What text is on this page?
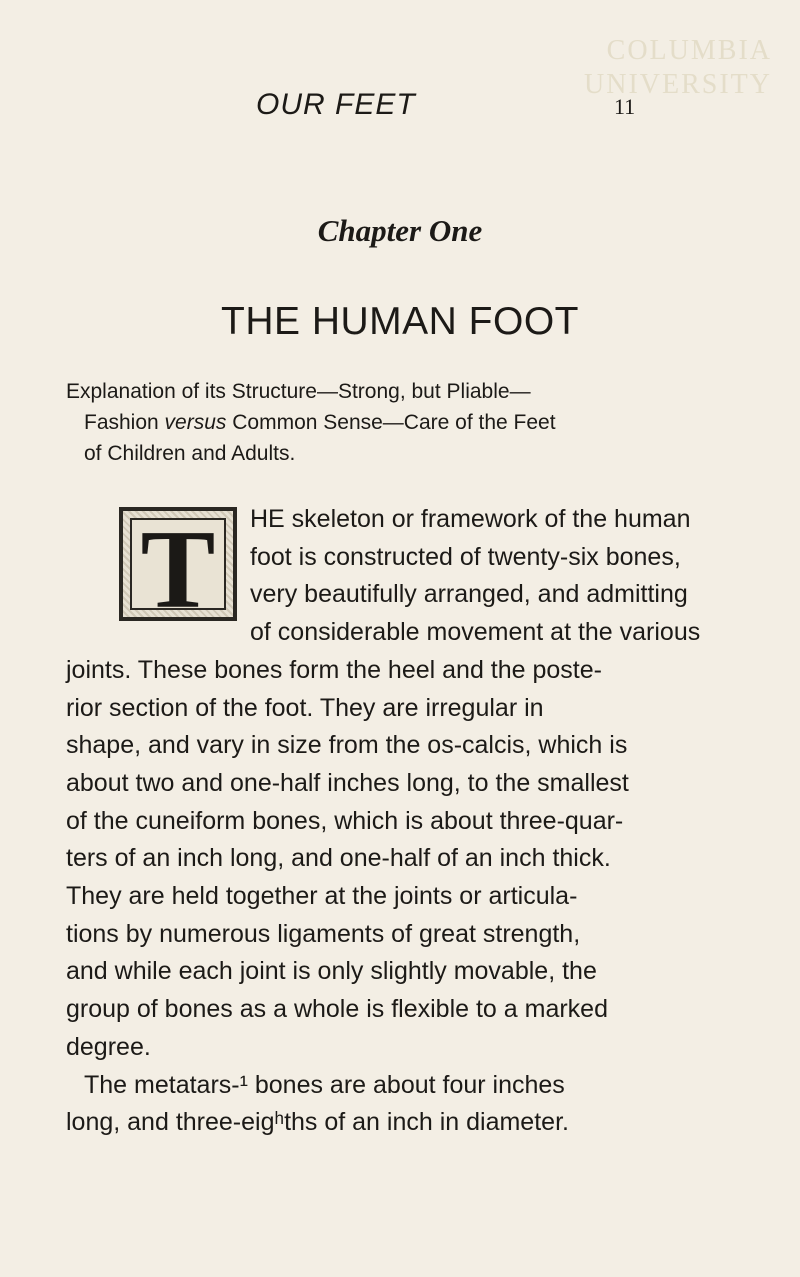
COLUMBIA
UNIVERSITY
OUR FEET	11
Chapter One
THE HUMAN FOOT
Explanation of its Structure—Strong, but Pliable—
Fashion versus Common Sense—Care of the Feet
of Children and Adults.
T	HE skeleton or framework of the human
foot is constructed of twenty-six bones,
very beautifully arranged, and admitting
of considerable movement at the various
joints. These bones form the heel and the poste-
rior section of the foot. They are irregular in
shape, and vary in size from the os-calcis, which is
about two and one-half inches long, to the smallest
of the cuneiform bones, which is about three-quar-
ters of an inch long, and one-half of an inch thick.
They are held together at the joints or articula-
tions by numerous ligaments of great strength,
and while each joint is only slightly movable, the
group of bones as a whole is flexible to a marked
degree.
The metatars‐¹ bones are about four inches
long, and three-eigʰths of an inch in diameter.
